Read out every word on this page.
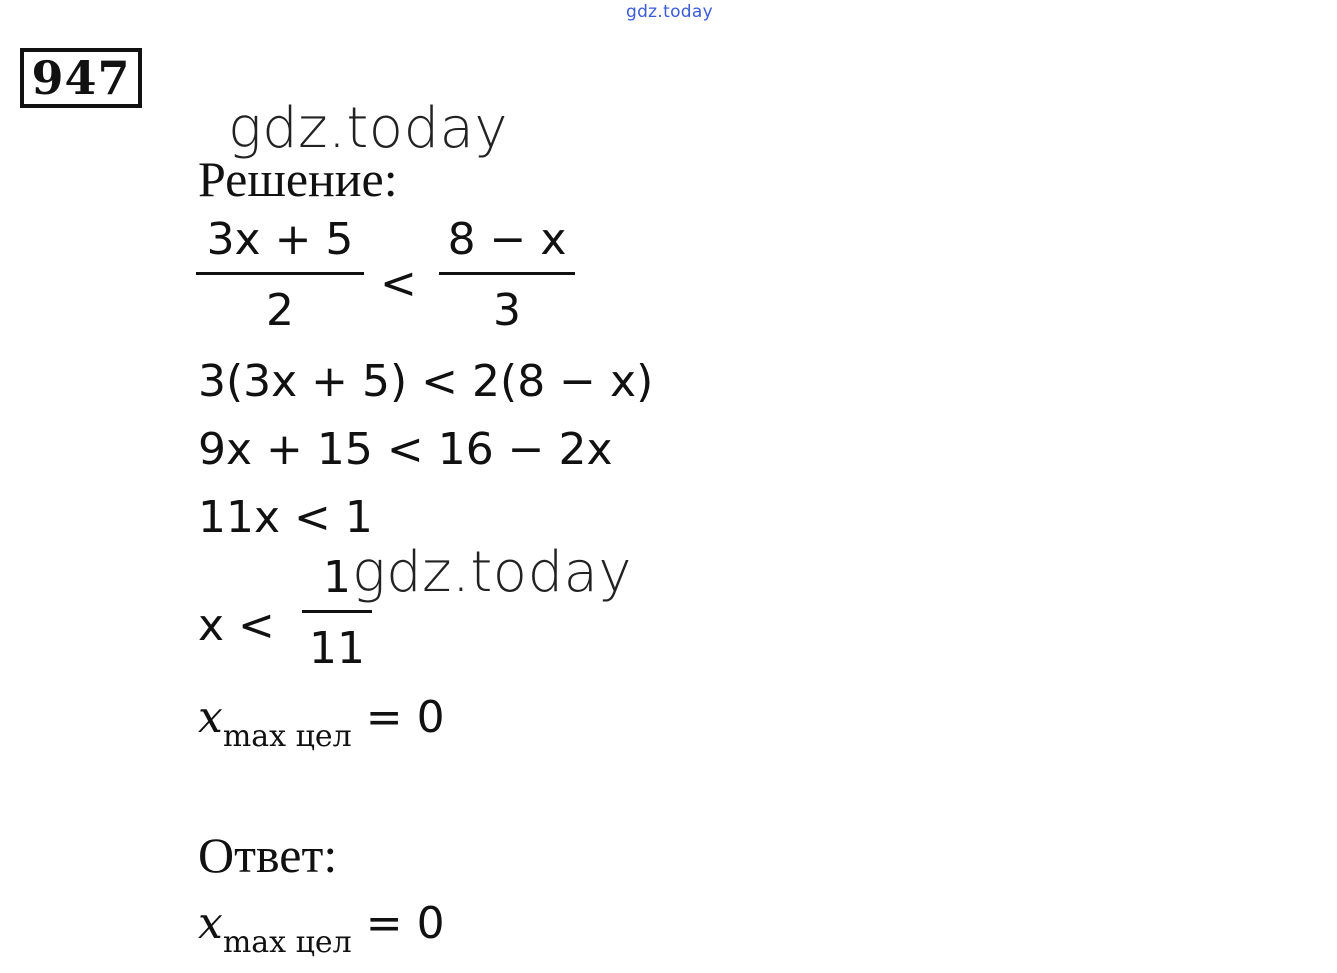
gdz.today
947
gdz.today
Решение:
3x + 5
2
<
8 − x
3
3(3x + 5) < 2(8 − x)
9x + 15 < 16 − 2x
11x < 1
x <
1
11
gdz.today
$x_{max цел} = 0$
Ответ:
$x_{max цел} = 0$
